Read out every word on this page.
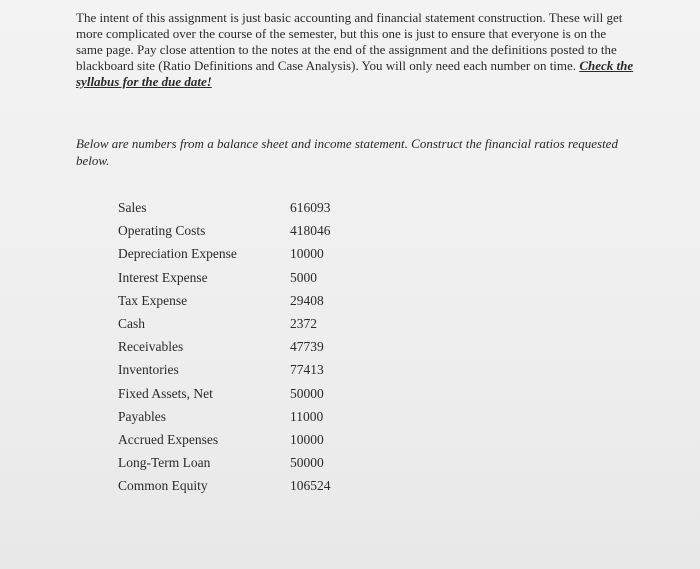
The intent of this assignment is just basic accounting and financial statement construction. These will get more complicated over the course of the semester, but this one is just to ensure that everyone is on the same page. Pay close attention to the notes at the end of the assignment and the definitions posted to the blackboard site (Ratio Definitions and Case Analysis). You will only need each number on time. Check the syllabus for the due date!

Below are numbers from a balance sheet and income statement. Construct the financial ratios requested below.

Sales	616093
Operating Costs	418046
Depreciation Expense	10000
Interest Expense	5000
Tax Expense	29408
Cash	2372
Receivables	47739
Inventories	77413
Fixed Assets, Net	50000
Payables	11000
Accrued Expenses	10000
Long-Term Loan	50000
Common Equity	106524
